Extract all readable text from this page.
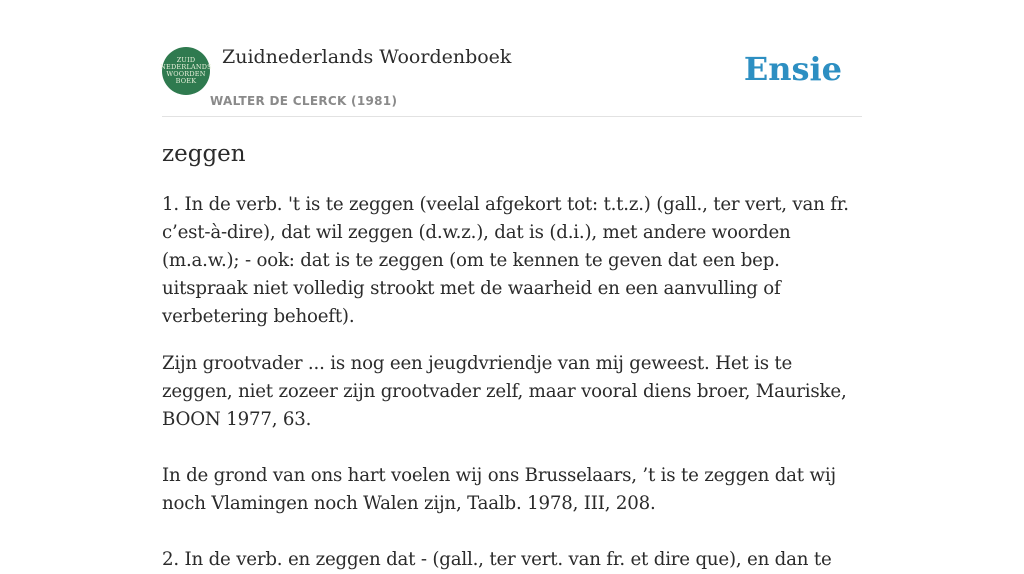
ZUID
NEDERLANDS
WOORDEN
BOEK
Zuidnederlands Woordenboek
WALTER DE CLERCK (1981)
Ensie
zeggen

1. In de verb. 't is te zeggen (veelal afgekort tot: t.t.z.) (gall., ter vert, van fr. c’est-à-dire), dat wil zeggen (d.w.z.), dat is (d.i.), met andere woorden (m.a.w.); - ook: dat is te zeggen (om te kennen te geven dat een bep. uitspraak niet volledig strookt met de waarheid en een aanvulling of verbetering behoeft).

Zijn grootvader ... is nog een jeugdvriendje van mij geweest. Het is te zeggen, niet zozeer zijn grootvader zelf, maar vooral diens broer, Mauriske, BOON 1977, 63.

In de grond van ons hart voelen wij ons Brusselaars, ’t is te zeggen dat wij noch Vlamingen noch Walen zijn, Taalb. 1978, III, 208.

2. In de verb. en zeggen dat - (gall., ter vert. van fr. et dire que), en dan te
